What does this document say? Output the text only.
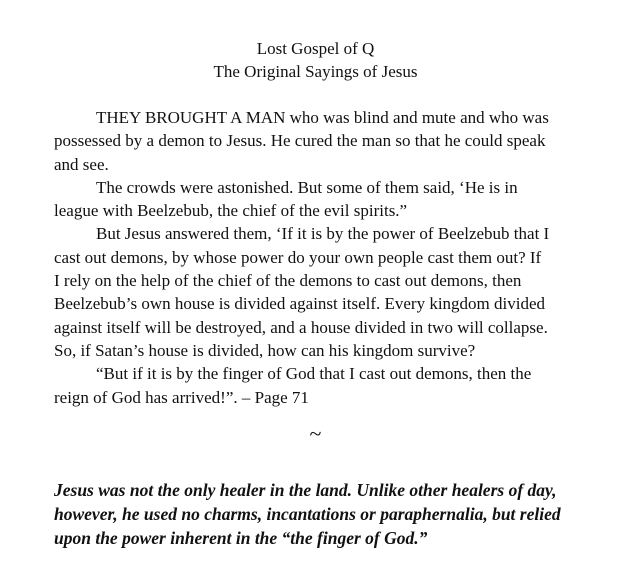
Lost Gospel of Q
The Original Sayings of Jesus
THEY BROUGHT A MAN who was blind and mute and who was
possessed by a demon to Jesus. He cured the man so that he could speak
and see.
The crowds were astonished. But some of them said, ‘He is in
league with Beelzebub, the chief of the evil spirits.”
But Jesus answered them, ‘If it is by the power of Beelzebub that I
cast out demons, by whose power do your own people cast them out? If
I rely on the help of the chief of the demons to cast out demons, then
Beelzebub’s own house is divided against itself. Every kingdom divided
against itself will be destroyed, and a house divided in two will collapse.
So, if Satan’s house is divided, how can his kingdom survive?
“But if it is by the finger of God that I cast out demons, then the
reign of God has arrived!”. – Page 71
~
Jesus was not the only healer in the land. Unlike other healers of day,
however, he used no charms, incantations or paraphernalia, but relied
upon the power inherent in the “the finger of God.”
